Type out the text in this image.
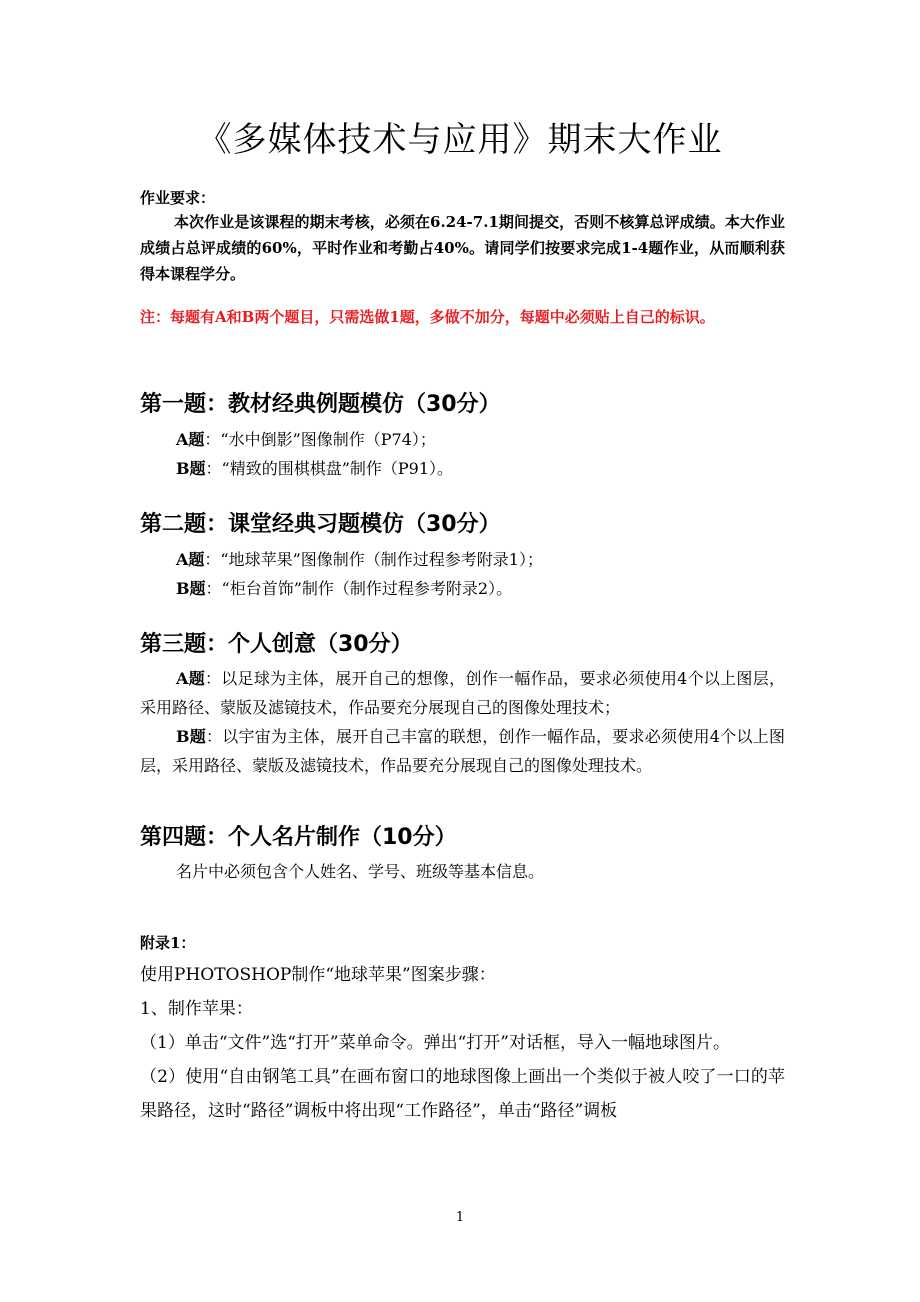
《多媒体技术与应用》期末大作业
作业要求：
本次作业是该课程的期末考核，必须在6.24-7.1期间提交，否则不核算总评成绩。本大作业成绩占总评成绩的60%，平时作业和考勤占40%。请同学们按要求完成1-4题作业，从而顺利获得本课程学分。
注：每题有A和B两个题目，只需选做1题，多做不加分，每题中必须贴上自己的标识。
第一题：教材经典例题模仿（30分）
A题：“水中倒影”图像制作（P74）；
B题：“精致的围棋棋盘”制作（P91）。
第二题：课堂经典习题模仿（30分）
A题：“地球苹果”图像制作（制作过程参考附录1）；
B题：“柜台首饰”制作（制作过程参考附录2）。
第三题：个人创意（30分）
A题：以足球为主体，展开自己的想像，创作一幅作品，要求必须使用4个以上图层，采用路径、蒙版及滤镜技术，作品要充分展现自己的图像处理技术；
B题：以宇宙为主体，展开自己丰富的联想，创作一幅作品，要求必须使用4个以上图层，采用路径、蒙版及滤镜技术，作品要充分展现自己的图像处理技术。
第四题：个人名片制作（10分）
名片中必须包含个人姓名、学号、班级等基本信息。
附录1：

使用PHOTOSHOP制作“地球苹果”图案步骤：

1、制作苹果：

（1）单击“文件”选“打开”菜单命令。弹出“打开”对话框，导入一幅地球图片。

（2）使用“自由钢笔工具”在画布窗口的地球图像上画出一个类似于被人咬了一口的苹果路径，这时“路径”调板中将出现“工作路径”，单击“路径”调板

1
